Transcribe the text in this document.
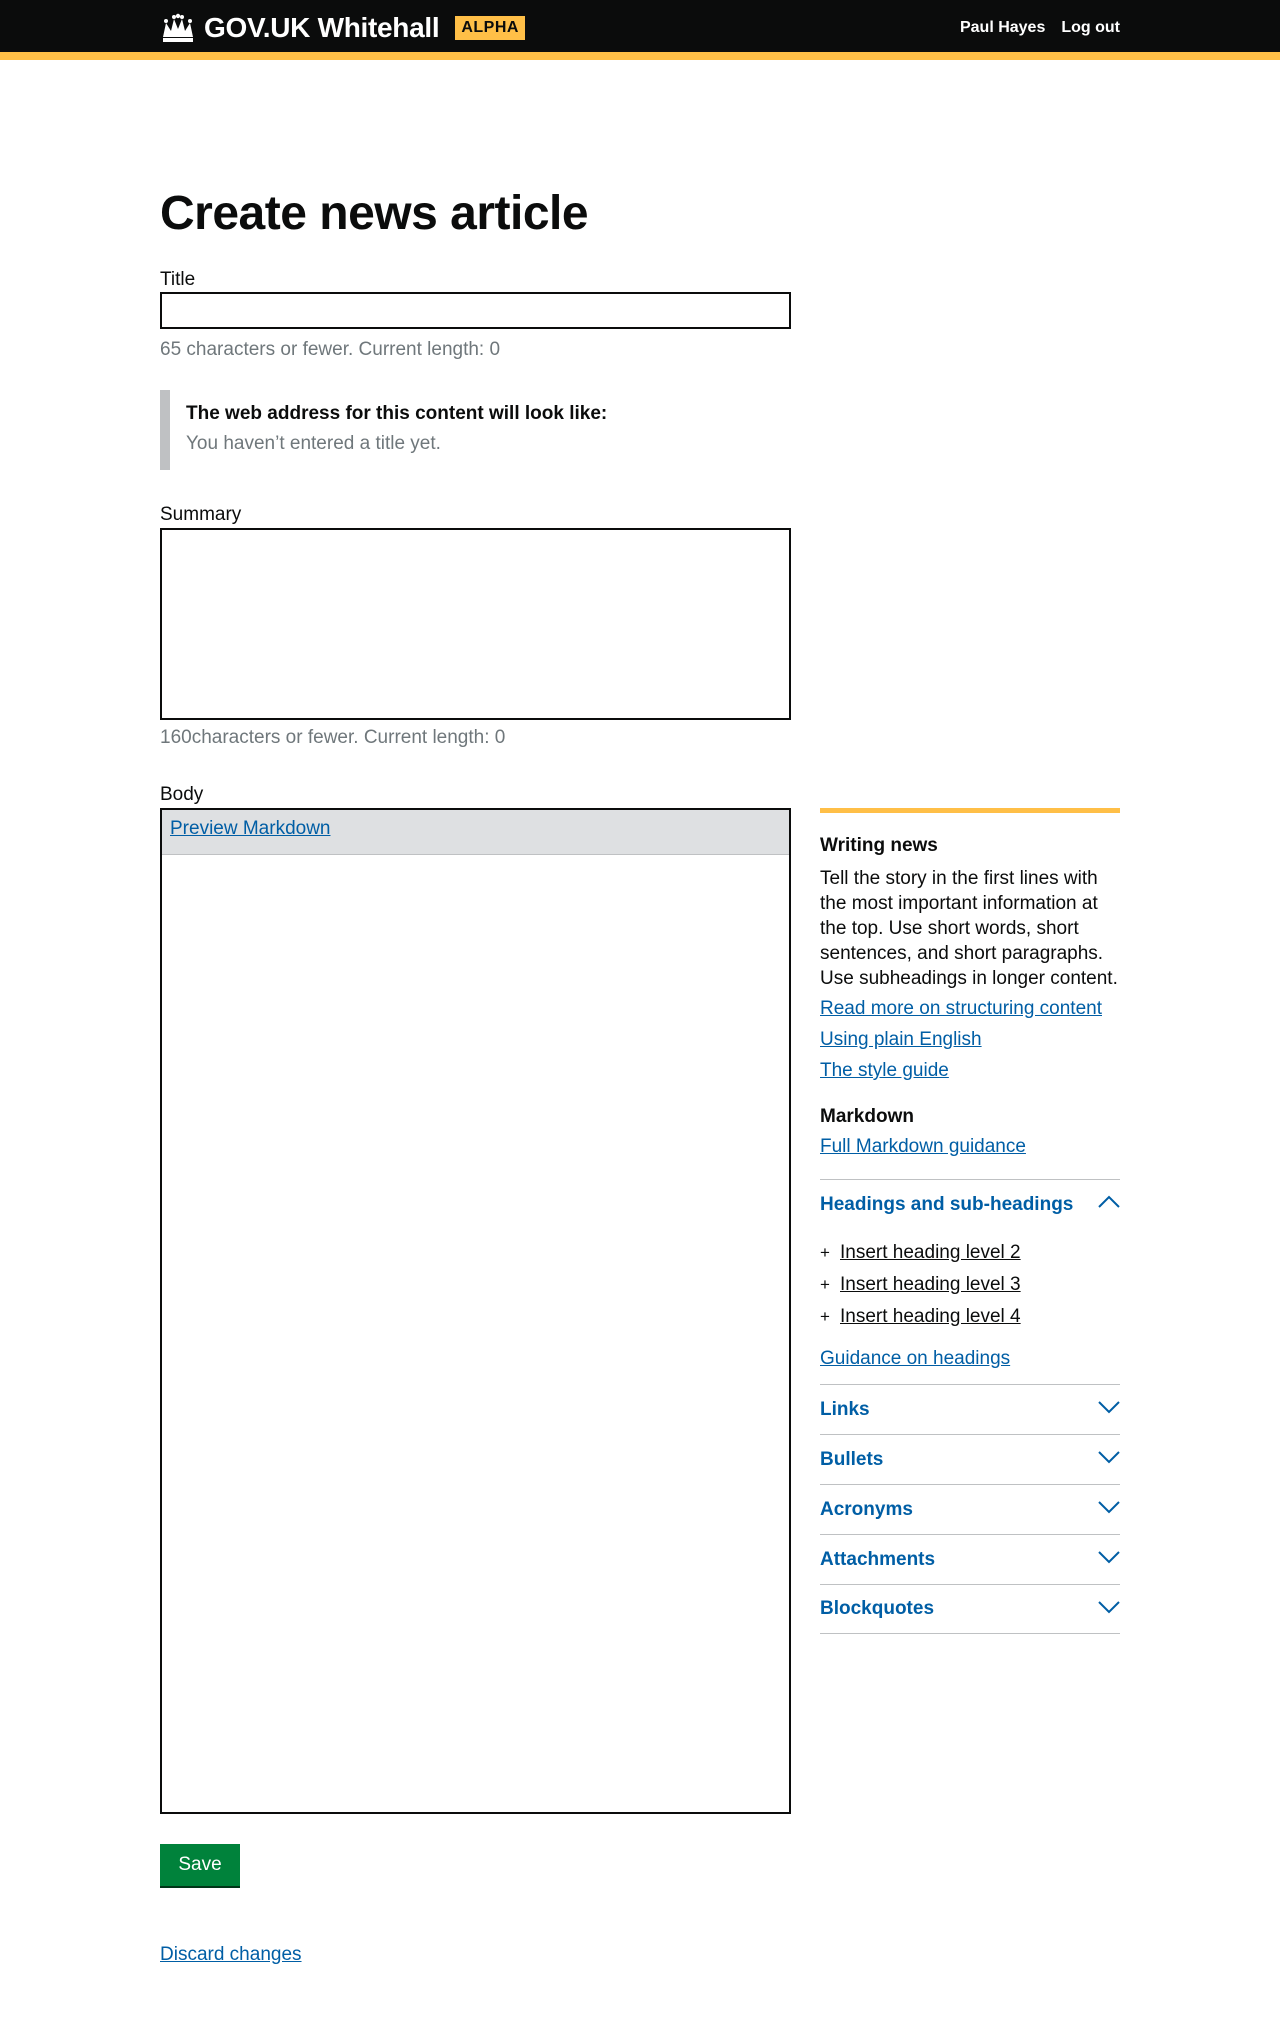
GOV.UK Whitehall	ALPHA	Paul Hayes Log out
Create news article
Title
65 characters or fewer. Current length: 0
The web address for this content will look like:
You haven’t entered a title yet.
Summary
160characters or fewer. Current length: 0
Body
Preview Markdown
Save
Discard changes
Writing news

Tell the story in the first lines with the most important information at the top. Use short words, short sentences, and short paragraphs. Use subheadings in longer content.

Read more on structuring content
Using plain English
The style guide
Markdown
Full Markdown guidance
Headings and sub-headings
+ Insert heading level 2
+ Insert heading level 3
+ Insert heading level 4
Guidance on headings
Links
Bullets
Acronyms
Attachments
Blockquotes
